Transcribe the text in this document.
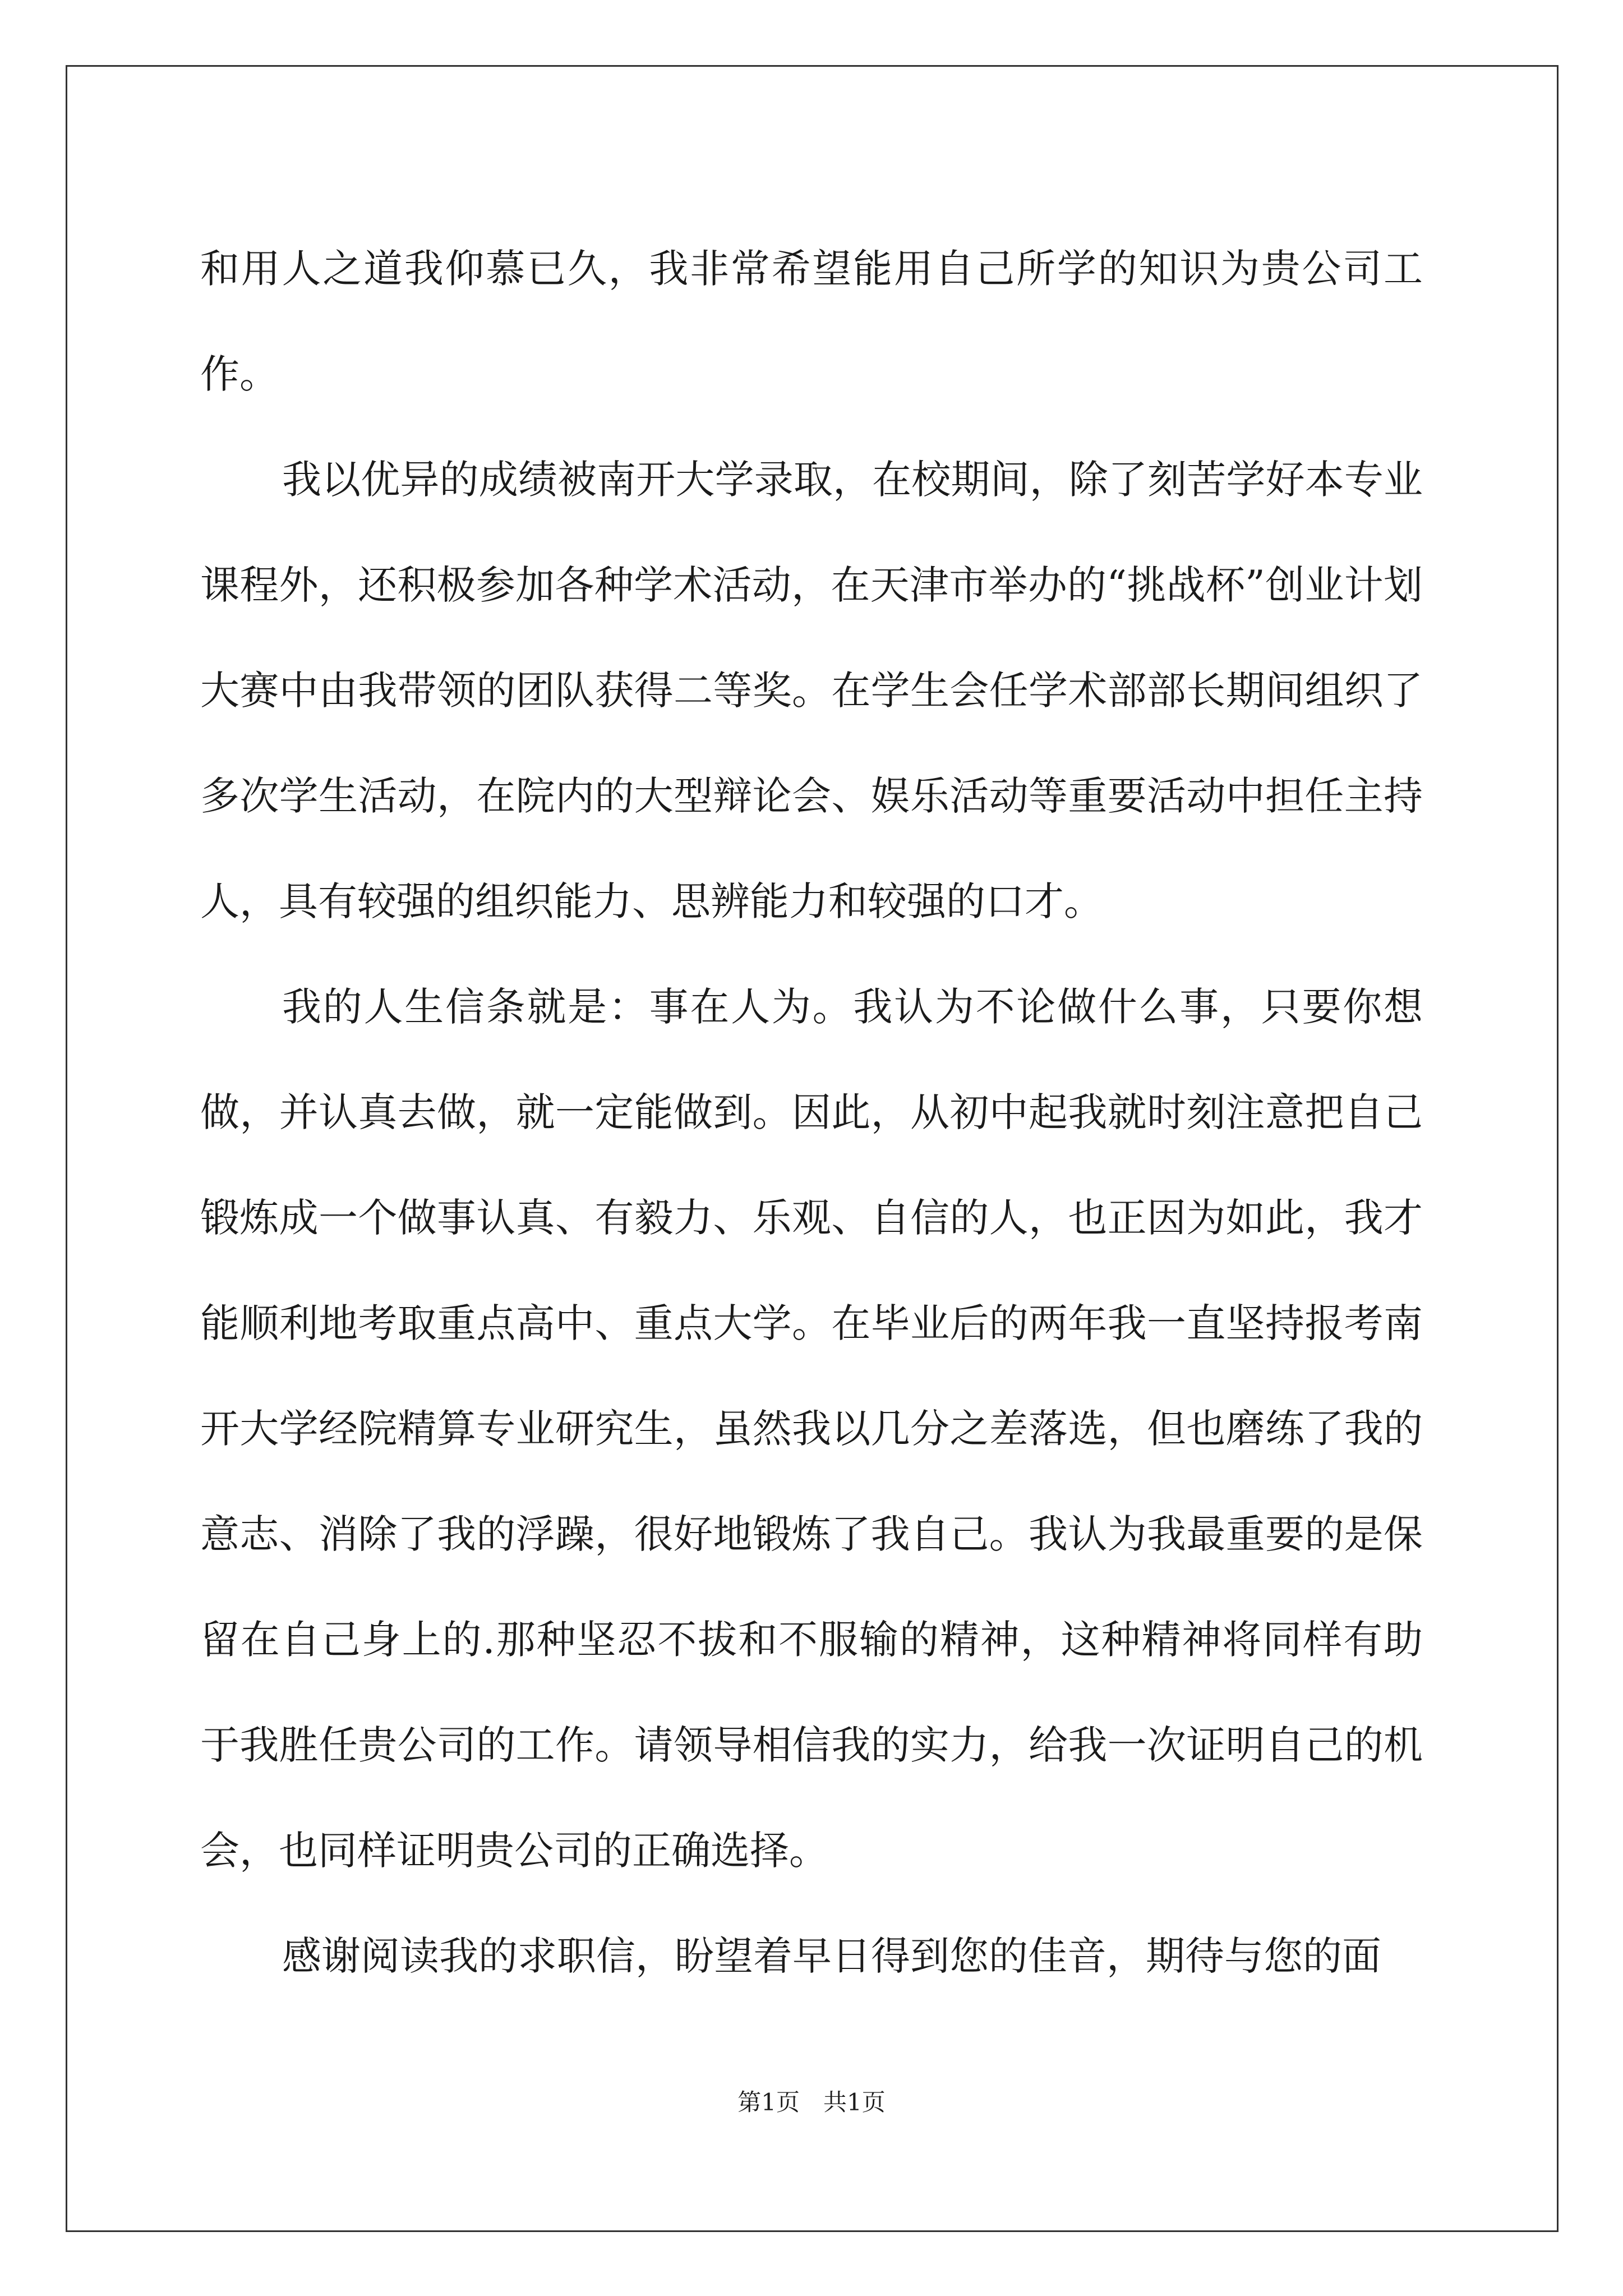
和用人之道我仰慕已久，我非常希望能用自己所学的知识为贵公司工作。

我以优异的成绩被南开大学录取，在校期间，除了刻苦学好本专业课程外，还积极参加各种学术活动，在天津市举办的“挑战杯”创业计划大赛中由我带领的团队获得二等奖。在学生会任学术部部长期间组织了多次学生活动，在院内的大型辩论会、娱乐活动等重要活动中担任主持人，具有较强的组织能力、思辨能力和较强的口才。

我的人生信条就是：事在人为。我认为不论做什么事，只要你想做，并认真去做，就一定能做到。因此，从初中起我就时刻注意把自己锻炼成一个做事认真、有毅力、乐观、自信的人，也正因为如此，我才能顺利地考取重点高中、重点大学。在毕业后的两年我一直坚持报考南开大学经院精算专业研究生，虽然我以几分之差落选，但也磨练了我的意志、消除了我的浮躁，很好地锻炼了我自己。我认为我最重要的是保留在自己身上的.那种坚忍不拔和不服输的精神，这种精神将同样有助于我胜任贵公司的工作。请领导相信我的实力，给我一次证明自己的机会，也同样证明贵公司的正确选择。

感谢阅读我的求职信，盼望着早日得到您的佳音，期待与您的面

第1页　共1页
